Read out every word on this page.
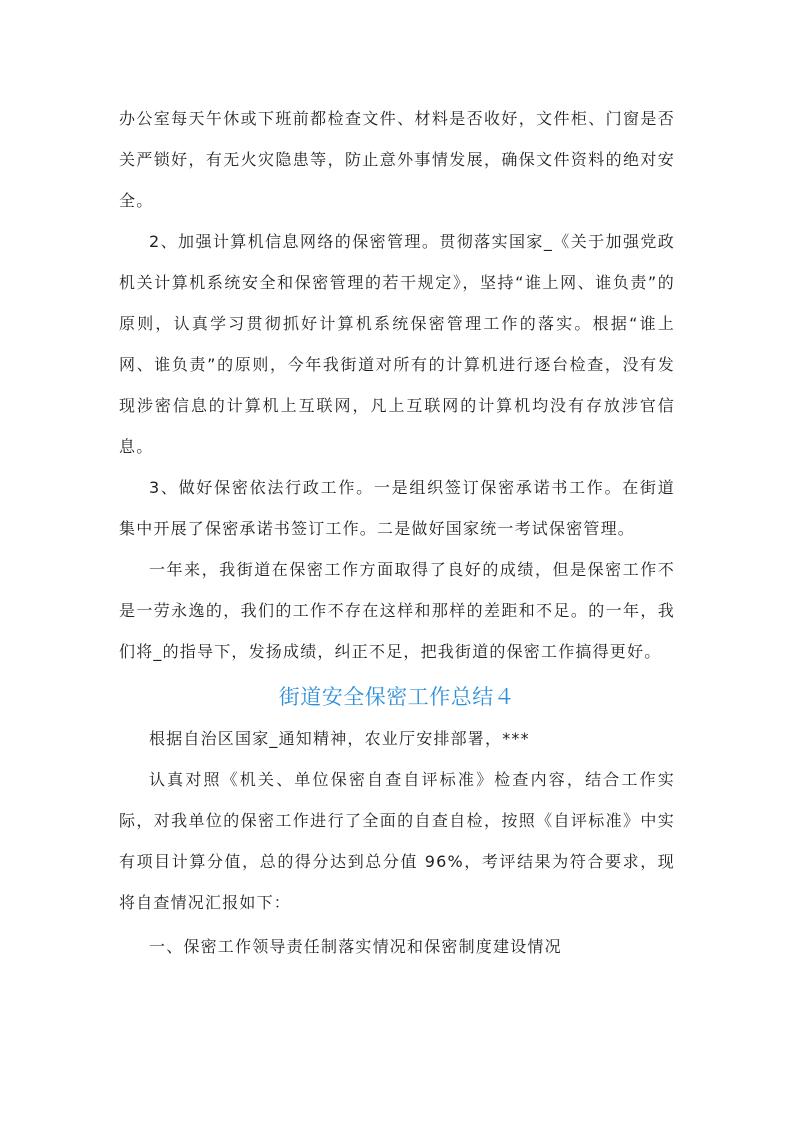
办公室每天午休或下班前都检查文件、材料是否收好，文件柜、门窗是否关严锁好，有无火灾隐患等，防止意外事情发展，确保文件资料的绝对安全。

2、加强计算机信息网络的保密管理。贯彻落实国家_《关于加强党政机关计算机系统安全和保密管理的若干规定》，坚持“谁上网、谁负责”的原则，认真学习贯彻抓好计算机系统保密管理工作的落实。根据“谁上网、谁负责”的原则，今年我街道对所有的计算机进行逐台检查，没有发现涉密信息的计算机上互联网，凡上互联网的计算机均没有存放涉官信息。

3、做好保密依法行政工作。一是组织签订保密承诺书工作。在街道集中开展了保密承诺书签订工作。二是做好国家统一考试保密管理。

一年来，我街道在保密工作方面取得了良好的成绩，但是保密工作不是一劳永逸的，我们的工作不存在这样和那样的差距和不足。的一年，我们将_的指导下，发扬成绩，纠正不足，把我街道的保密工作搞得更好。

街道安全保密工作总结４

根据自治区国家_通知精神，农业厅安排部署，***

认真对照《机关、单位保密自查自评标准》检查内容，结合工作实际，对我单位的保密工作进行了全面的自查自检，按照《自评标准》中实有项目计算分值，总的得分达到总分值 96%，考评结果为符合要求，现将自查情况汇报如下：

一、保密工作领导责任制落实情况和保密制度建设情况
